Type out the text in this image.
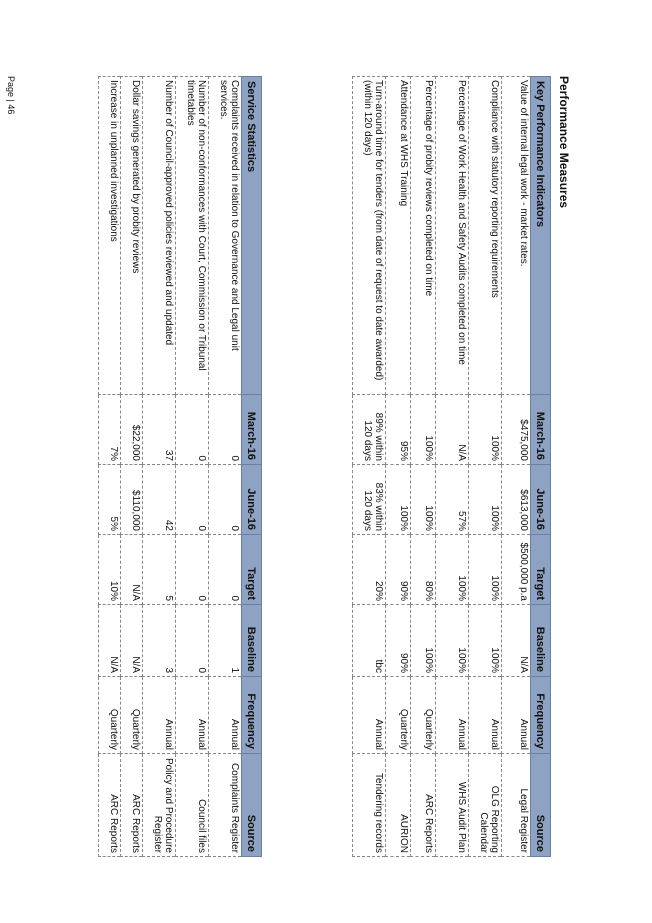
Performance Measures
Key Performance Indicators	March-16	June-16	Target	Baseline	Frequency	Source
Value of internal legal work - market rates.	$475,000	$613,000	$500,000 p.a	N/A	Annual	Legal Register
Compliance with statutory reporting requirements	100%	100%	100%	100%	Annual	OLG Reporting Calendar
Percentage of Work Health and Safety Audits completed on time	N/A	57%	100%	100%	Annual	WHS Audit Plan
Percentage of probity reviews completed on time	100%	100%	80%	100%	Quarterly	ARC Reports
Attendance at WHS Training	95%	100%	90%	90%	Quarterly	AURION
Turn-around time for tenders (from date of request to date awarded) (within 120 days)	89% within 120 days	83% within 120 days	20%	tbc	Annual	Tendering records
Service Statistics	March-16	June-16	Target	Baseline	Frequency	Source
Complaints received in relation to Governance and Legal unit services.	0	0	0	1	Annual	Complaints Register
Number of non-conformances with Court, Commission or Tribunal timetables	0	0	0	0	Annual	Council files
Number of Council-approved policies reviewed and updated	37	42	5	3	Annual	Policy and Procedure Register
Dollar savings generated by probity reviews	$22,000	$110,000	N/A	N/A	Quarterly	ARC Reports
Increase in unplanned investigations	7%	5%	10%	N/A	Quarterly	ARC Reports
Page | 46
